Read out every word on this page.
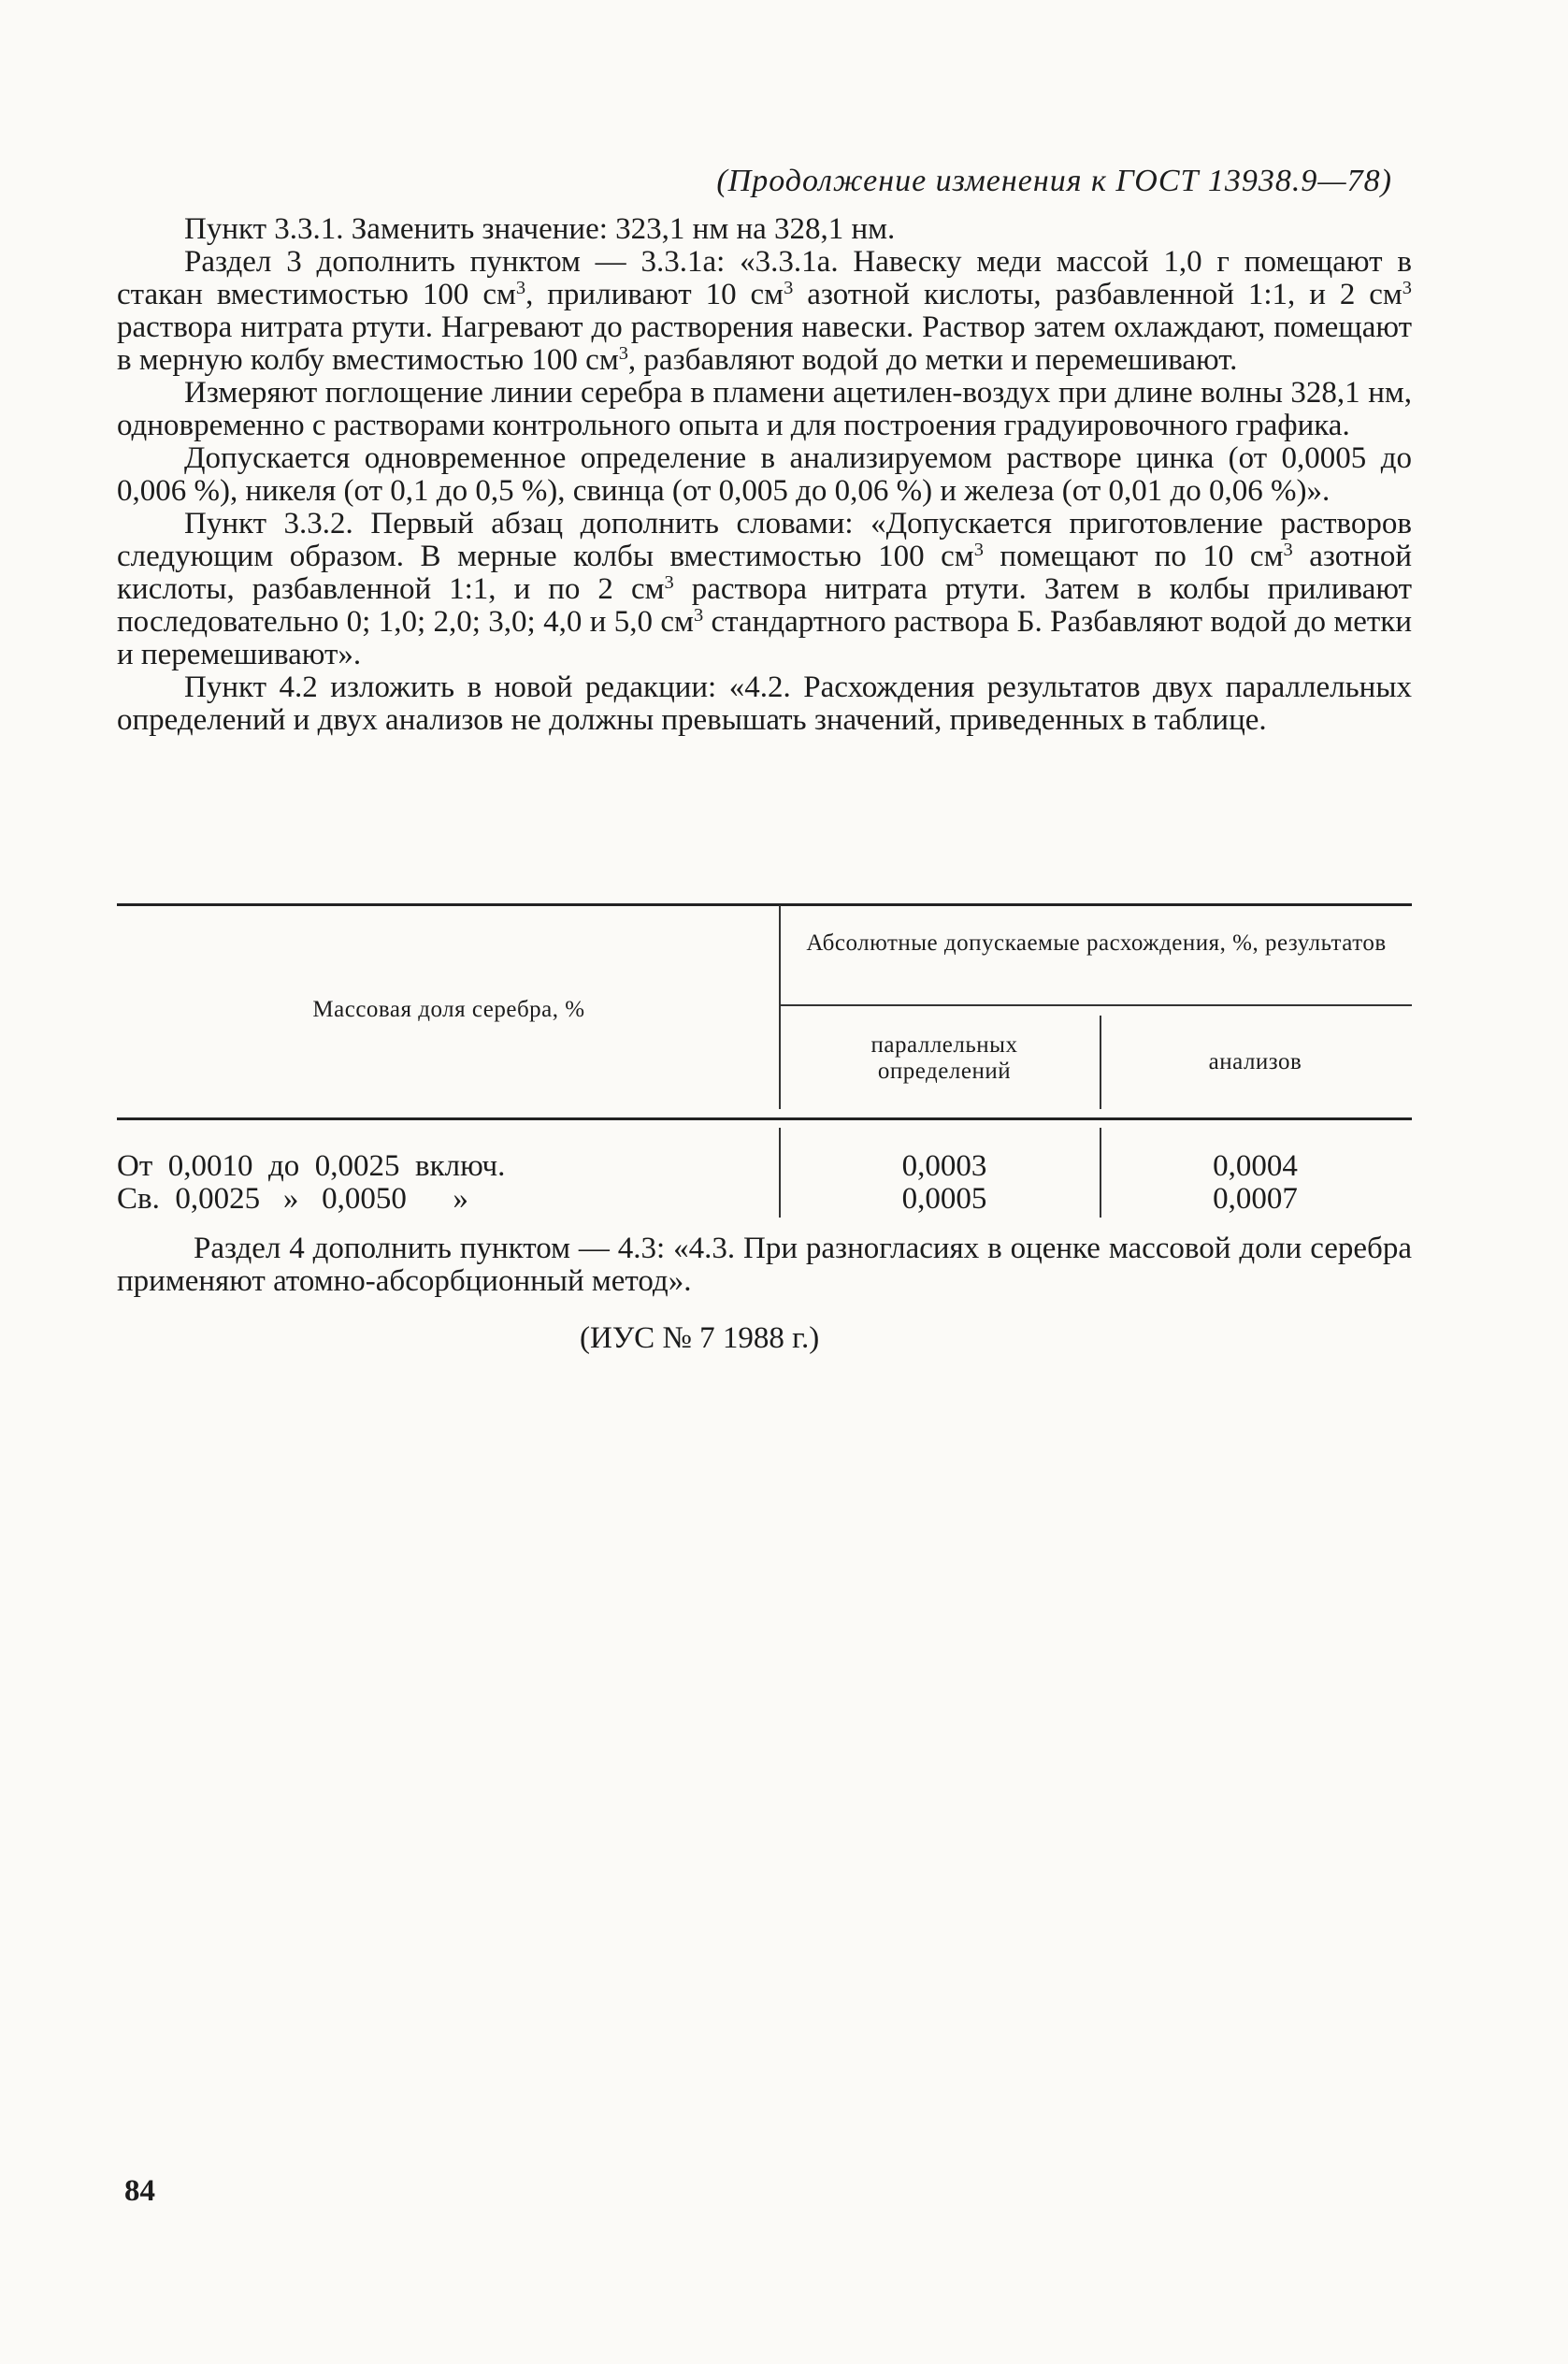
(Продолжение изменения к ГОСТ 13938.9—78)

Пункт 3.3.1. Заменить значение: 323,1 нм на 328,1 нм.

Раздел 3 дополнить пунктом — 3.3.1а: «3.3.1а. Навеску меди массой 1,0 г помещают в стакан вместимостью 100 $см^3$, приливают 10 $см^3$ азотной кислоты, разбавленной 1:1, и 2 $см^3$ раствора нитрата ртути. Нагревают до растворения навески. Раствор затем охлаждают, помещают в мерную колбу вместимостью 100 $см^3$, разбавляют водой до метки и перемешивают.

Измеряют поглощение линии серебра в пламени ацетилен-воздух при длине волны 328,1 нм, одновременно с растворами контрольного опыта и для построения градуировочного графика.

Допускается одновременное определение в анализируемом растворе цинка (от 0,0005 до 0,006 %), никеля (от 0,1 до 0,5 %), свинца (от 0,005 до 0,06 %) и железа (от 0,01 до 0,06 %)».

Пункт 3.3.2. Первый абзац дополнить словами: «Допускается приготовление растворов следующим образом. В мерные колбы вместимостью 100 $см^3$ помещают по 10 $см^3$ азотной кислоты, разбавленной 1:1, и по 2 $см^3$ раствора нитрата ртути. Затем в колбы приливают последовательно 0; 1,0; 2,0; 3,0; 4,0 и 5,0 $см^3$ стандартного раствора Б. Разбавляют водой до метки и перемешивают».

Пункт 4.2 изложить в новой редакции: «4.2. Расхождения результатов двух параллельных определений и двух анализов не должны превышать значений, приведенных в таблице.

Массовая доля серебра, %
Абсолютные допускаемые расхождения, %, результатов
параллельных определений	анализов
От  0,0010  до  0,0025  включ.	0,0003	0,0004
Св.  0,0025   »   0,0050      »	0,0005	0,0007

Раздел 4 дополнить пунктом — 4.3: «4.3. При разногласиях в оценке массовой доли серебра применяют атомно-абсорбционный метод».

(ИУС № 7 1988 г.)
84
